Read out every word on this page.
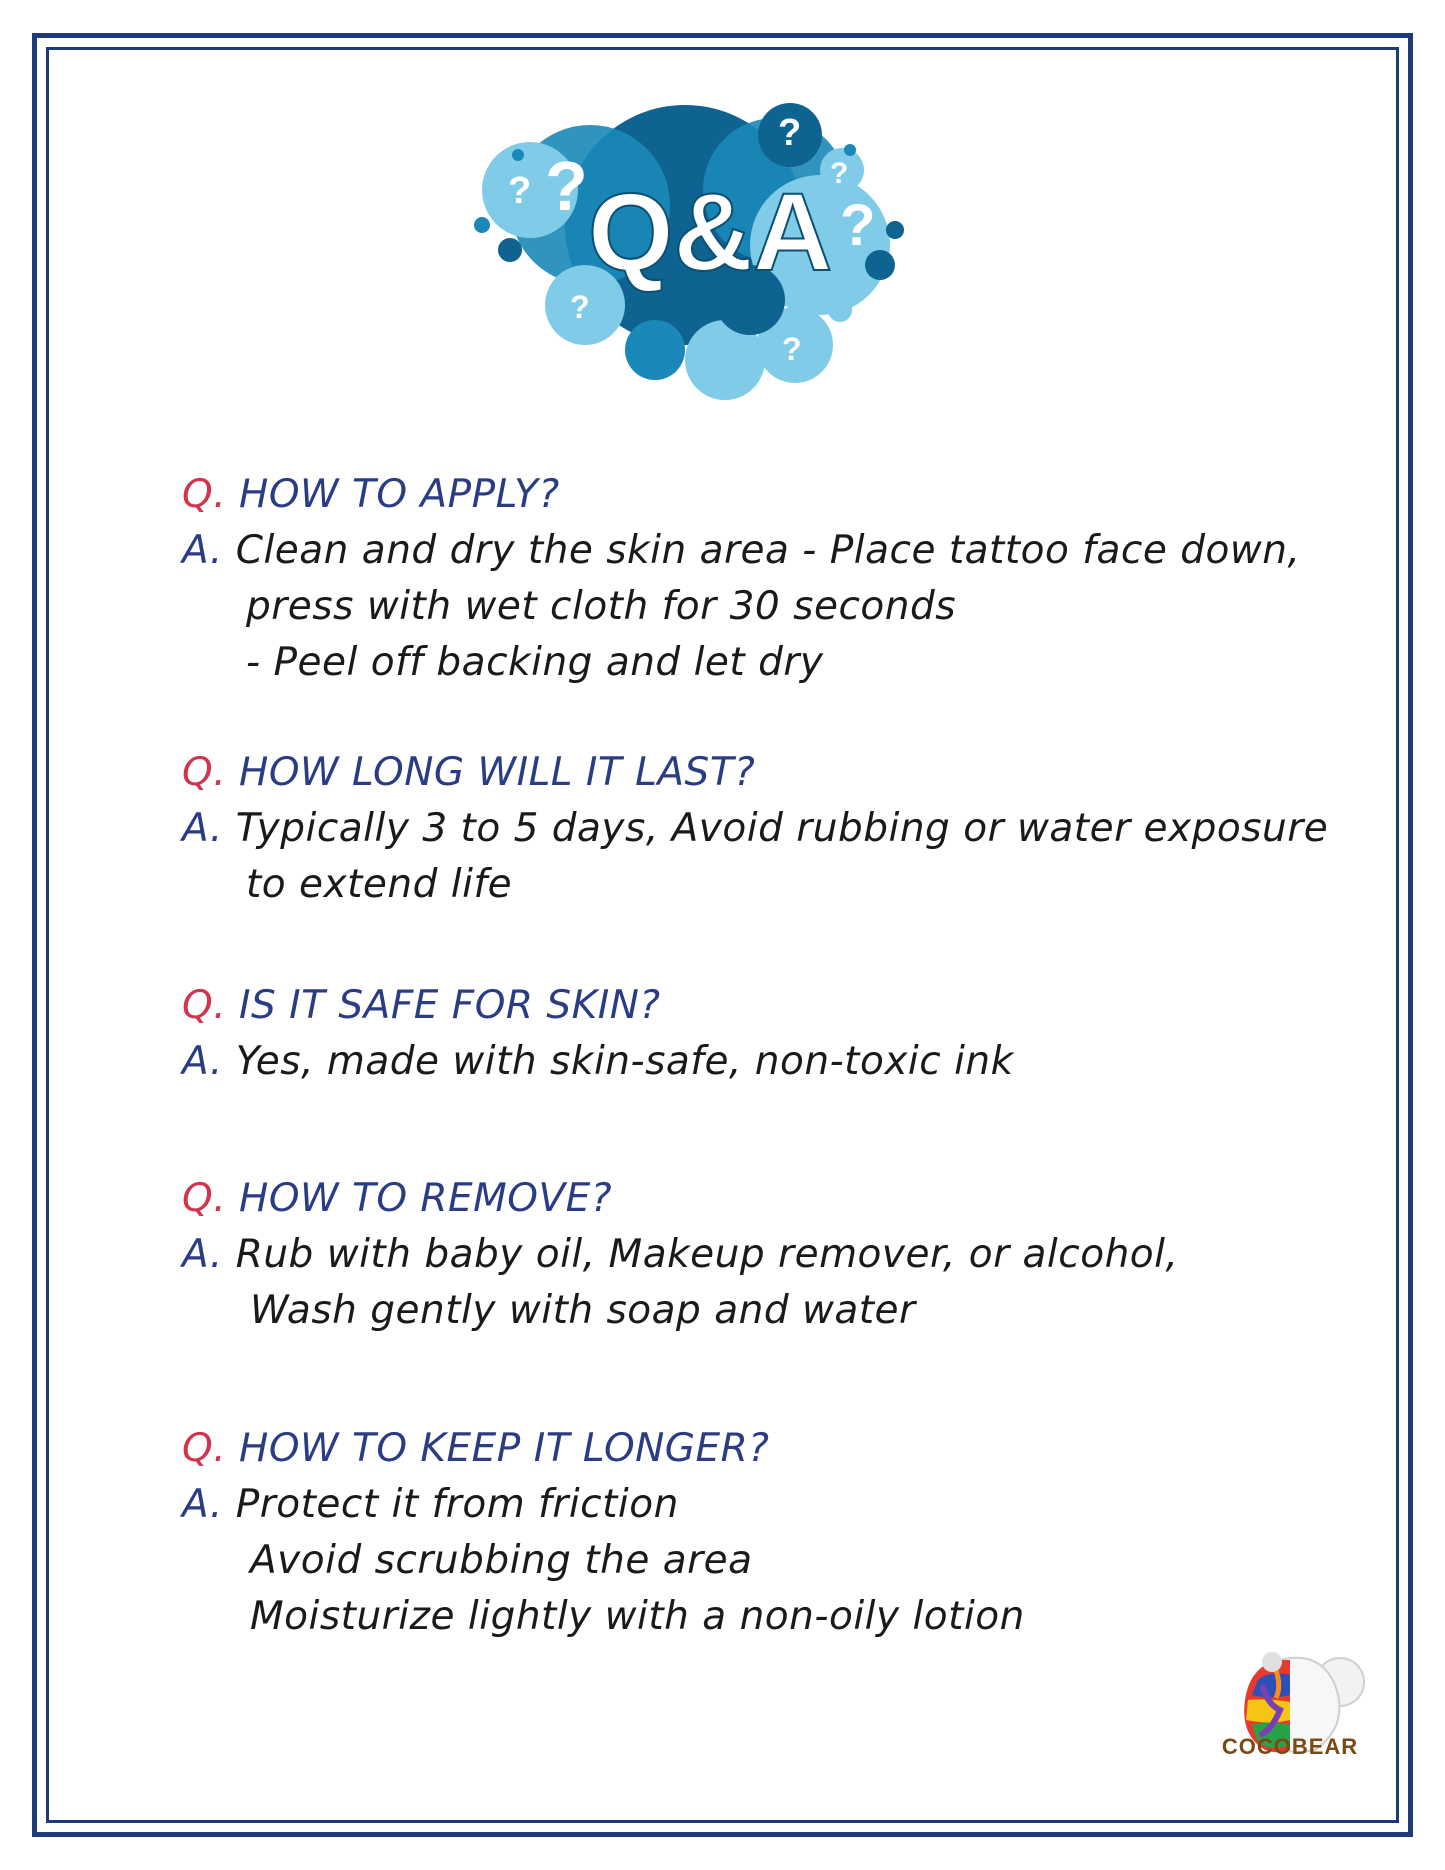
? ?
?
?
?
?
?
Q&A
Q. HOW TO APPLY?
A. Clean and dry the skin area - Place tattoo face down,
press with wet cloth for 30 seconds
- Peel off backing and let dry
Q. HOW LONG WILL IT LAST?
A. Typically 3 to 5 days, Avoid rubbing or water exposure
to extend life
Q. IS IT SAFE FOR SKIN?
A. Yes, made with skin-safe, non-toxic ink
Q. HOW TO REMOVE?
A. Rub with baby oil, Makeup remover, or alcohol,
Wash gently with soap and water
Q. HOW TO KEEP IT LONGER?
A. Protect it from friction
Avoid scrubbing the area
Moisturize lightly with a non-oily lotion
COCOBEAR
